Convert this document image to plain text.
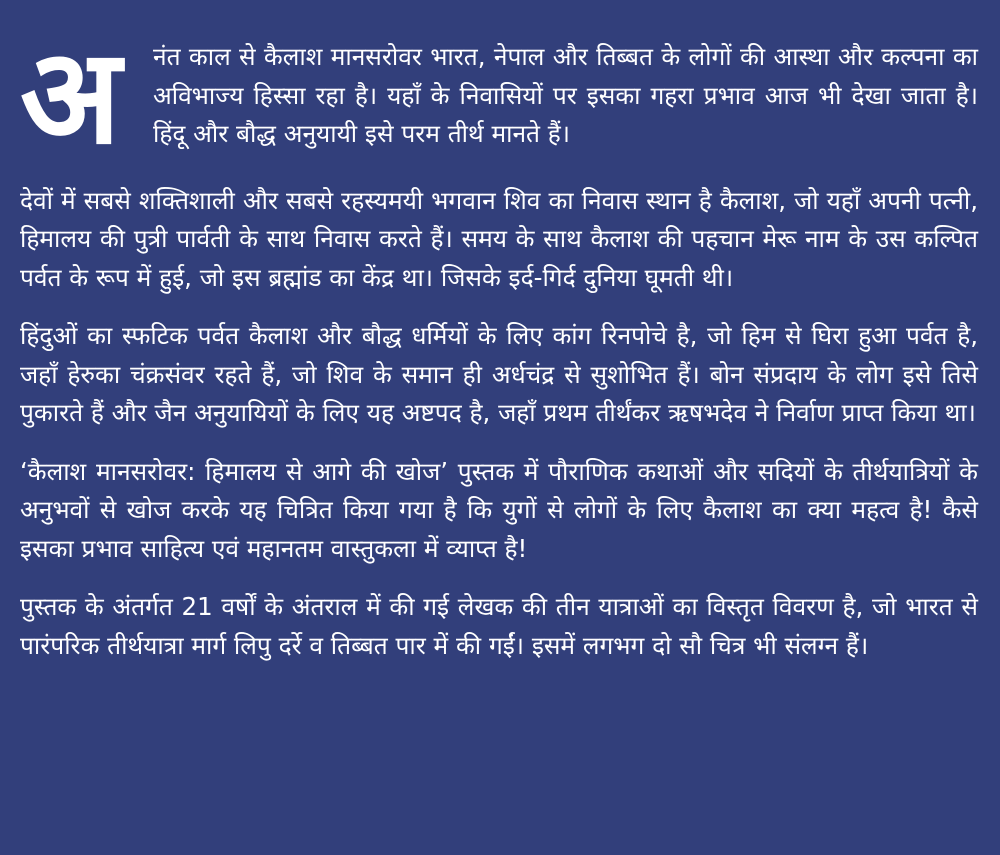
अ	नंत काल से कैलाश मानसरोवर भारत, नेपाल और तिब्बत के लोगों की आस्था और कल्पना का अविभाज्य हिस्सा रहा है। यहाँ के निवासियों पर इसका गहरा प्रभाव आज भी देखा जाता है। हिंदू और बौद्ध अनुयायी इसे परम तीर्थ मानते हैं।

देवों में सबसे शक्तिशाली और सबसे रहस्यमयी भगवान शिव का निवास स्थान है कैलाश, जो यहाँ अपनी पत्नी, हिमालय की पुत्री पार्वती के साथ निवास करते हैं। समय के साथ कैलाश की पहचान मेरू नाम के उस कल्पित पर्वत के रूप में हुई, जो इस ब्रह्मांड का केंद्र था। जिसके इर्द-गिर्द दुनिया घूमती थी।

हिंदुओं का स्फटिक पर्वत कैलाश और बौद्ध धर्मियों के लिए कांग रिनपोचे है, जो हिम से घिरा हुआ पर्वत है, जहाँ हेरुका चंक्रसंवर रहते हैं, जो शिव के समान ही अर्धचंद्र से सुशोभित हैं। बोन संप्रदाय के लोग इसे तिसे पुकारते हैं और जैन अनुयायियों के लिए यह अष्टपद है, जहाँ प्रथम तीर्थंकर ऋषभदेव ने निर्वाण प्राप्त किया था।

‘कैलाश मानसरोवर: हिमालय से आगे की खोज’ पुस्तक में पौराणिक कथाओं और सदियों के तीर्थयात्रियों के अनुभवों से खोज करके यह चित्रित किया गया है कि युगों से लोगों के लिए कैलाश का क्या महत्व है! कैसे इसका प्रभाव साहित्य एवं महानतम वास्तुकला में व्याप्त है!

पुस्तक के अंतर्गत 21 वर्षों के अंतराल में की गई लेखक की तीन यात्राओं का विस्तृत विवरण है, जो भारत से पारंपरिक तीर्थयात्रा मार्ग लिपु दर्रे व तिब्बत पार में की गईं। इसमें लगभग दो सौ चित्र भी संलग्न हैं।
